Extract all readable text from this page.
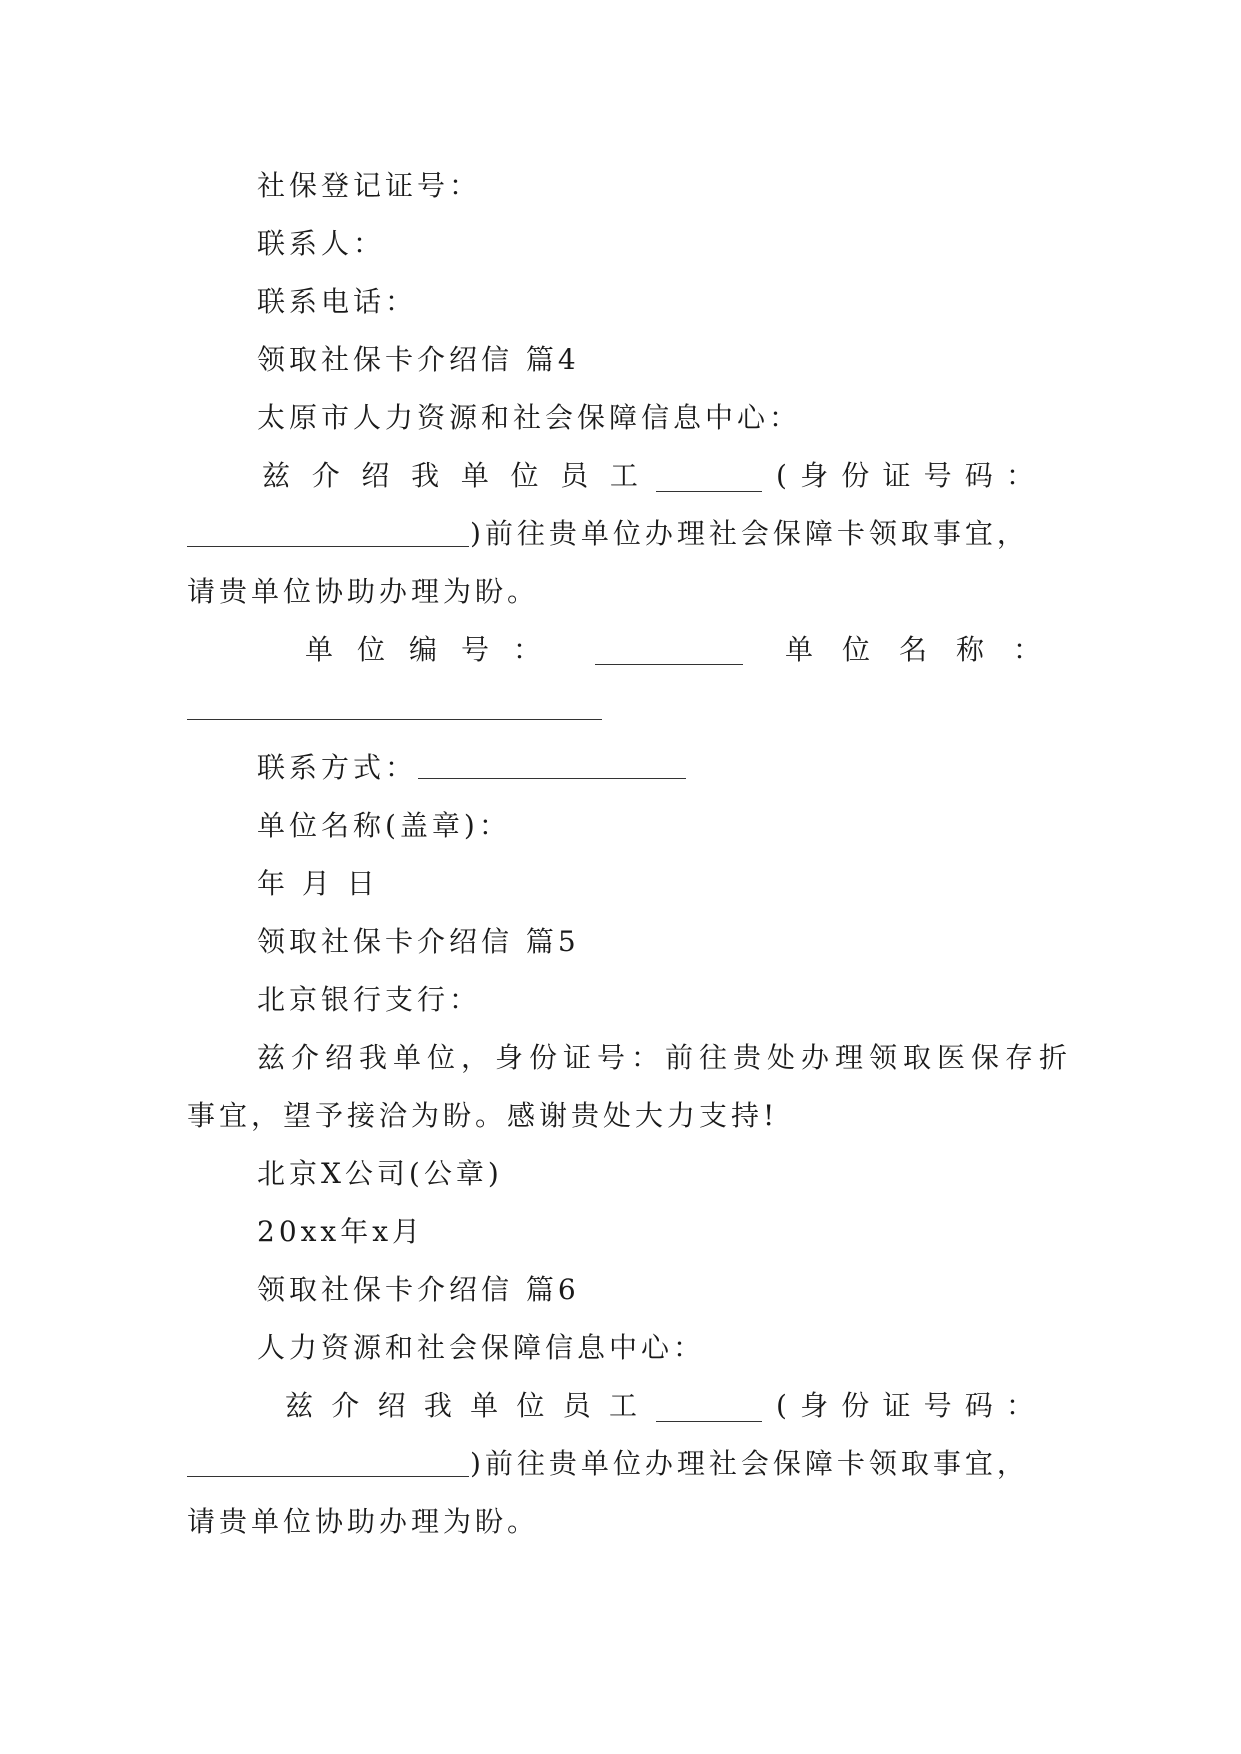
社保登记证号：
联系人：
联系电话：
领取社保卡介绍信 篇4
太原市人力资源和社会保障信息中心：
兹 介 绍 我 单 位 员 工	( 身 份 证 号 码 ：
)前往贵单位办理社会保障卡领取事宜，
请贵单位协助办理为盼。
单 位 编 号 ：	单 位 名 称 ：
联系方式：
单位名称(盖章)：
年 月 日
领取社保卡介绍信 篇5
北京银行支行：
兹介绍我单位，身份证号：前往贵处办理领取医保存折
事宜，望予接洽为盼。感谢贵处大力支持!
北京X公司(公章)
20xx年x月
领取社保卡介绍信 篇6
人力资源和社会保障信息中心：
兹 介 绍 我 单 位 员 工	( 身 份 证 号 码 ：
)前往贵单位办理社会保障卡领取事宜，
请贵单位协助办理为盼。
